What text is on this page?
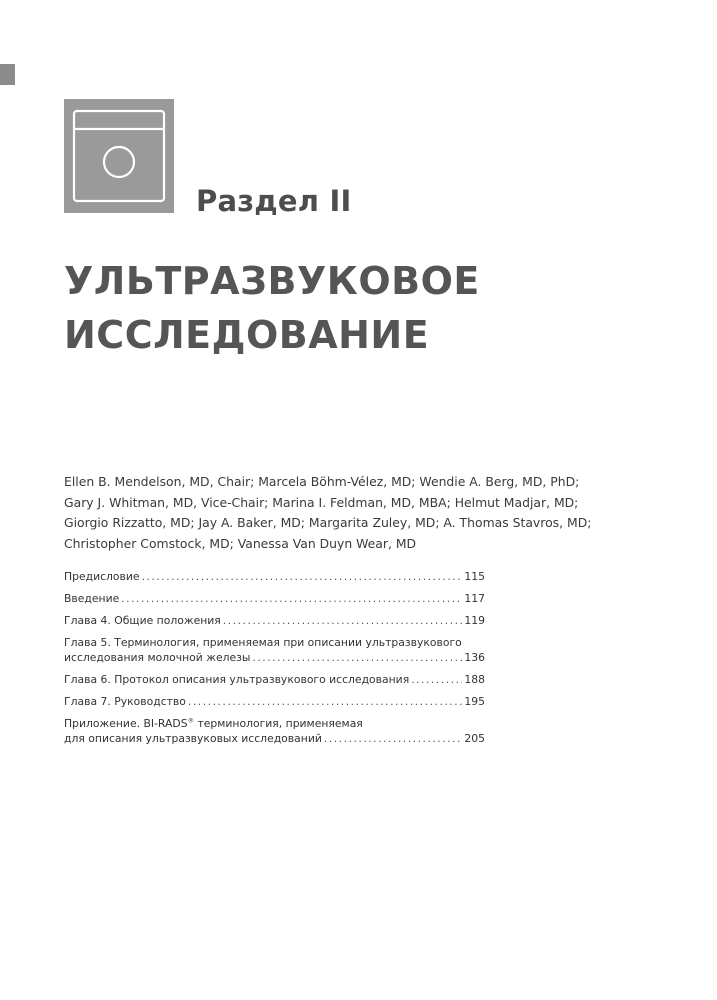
Раздел II
УЛЬТРАЗВУКОВОЕ
ИССЛЕДОВАНИЕ
Ellen B. Mendelson, MD, Chair; Marcela Böhm-Vélez, MD; Wendie A. Berg, MD, PhD;
Gary J. Whitman, MD, Vice-Chair; Marina I. Feldman, MD, MBA; Helmut Madjar, MD;
Giorgio Rizzatto, MD; Jay A. Baker, MD; Margarita Zuley, MD; A. Thomas Stavros, MD;
Christopher Comstock, MD; Vanessa Van Duyn Wear, MD
Предисловие .....	115
Введение .....	117
Глава 4. Общие положения .....	119
Глава 5. Терминология, применяемая при описании ультразвукового
исследования молочной железы .....	136
Глава 6. Протокол описания ультразвукового исследования .....	188
Глава 7. Руководство .....	195
Приложение. BI-RADS® терминология, применяемая
для описания ультразвуковых исследований .....	205
